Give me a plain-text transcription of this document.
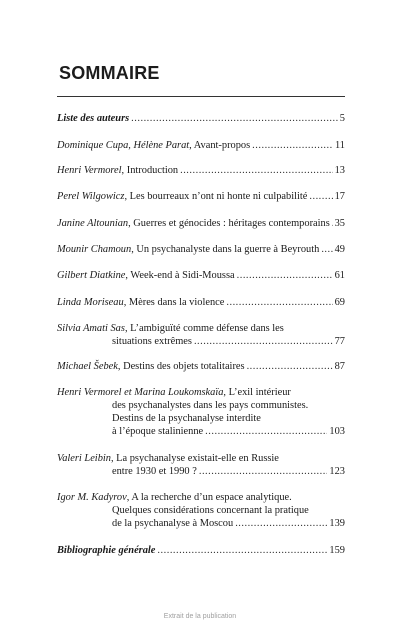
SOMMAIRE
Liste des auteurs .....	5
Dominique Cupa, Hélène Parat, Avant-propos .....	11
Henri Vermorel, Introduction .....	13
Perel Wilgowicz, Les bourreaux n’ont ni honte ni culpabilité .....	17
Janine Altounian, Guerres et génocides : héritages contemporains ..... 35
Mounir Chamoun, Un psychanalyste dans la guerre à Beyrouth ..... 49
Gilbert Diatkine, Week-end à Sidi-Moussa .....	61
Linda Moriseau, Mères dans la violence .....	69
Silvia Amati Sas, L’ambiguïté comme défense dans les
situations extrêmes .....	77
Michael Šebek, Destins des objets totalitaires .....	87
Henri Vermorel et Marina Loukomskaïa, L’exil intérieur
des psychanalystes dans les pays communistes.
Destins de la psychanalyse interdite
à l’époque stalinienne .....	103
Valeri Leibin, La psychanalyse existait-elle en Russie
entre 1930 et 1990 ? .....	123
Igor M. Kadyrov, A la recherche d’un espace analytique.
Quelques considérations concernant la pratique
de la psychanalyse à Moscou .....	139
Bibliographie générale .....	159
Extrait de la publication
